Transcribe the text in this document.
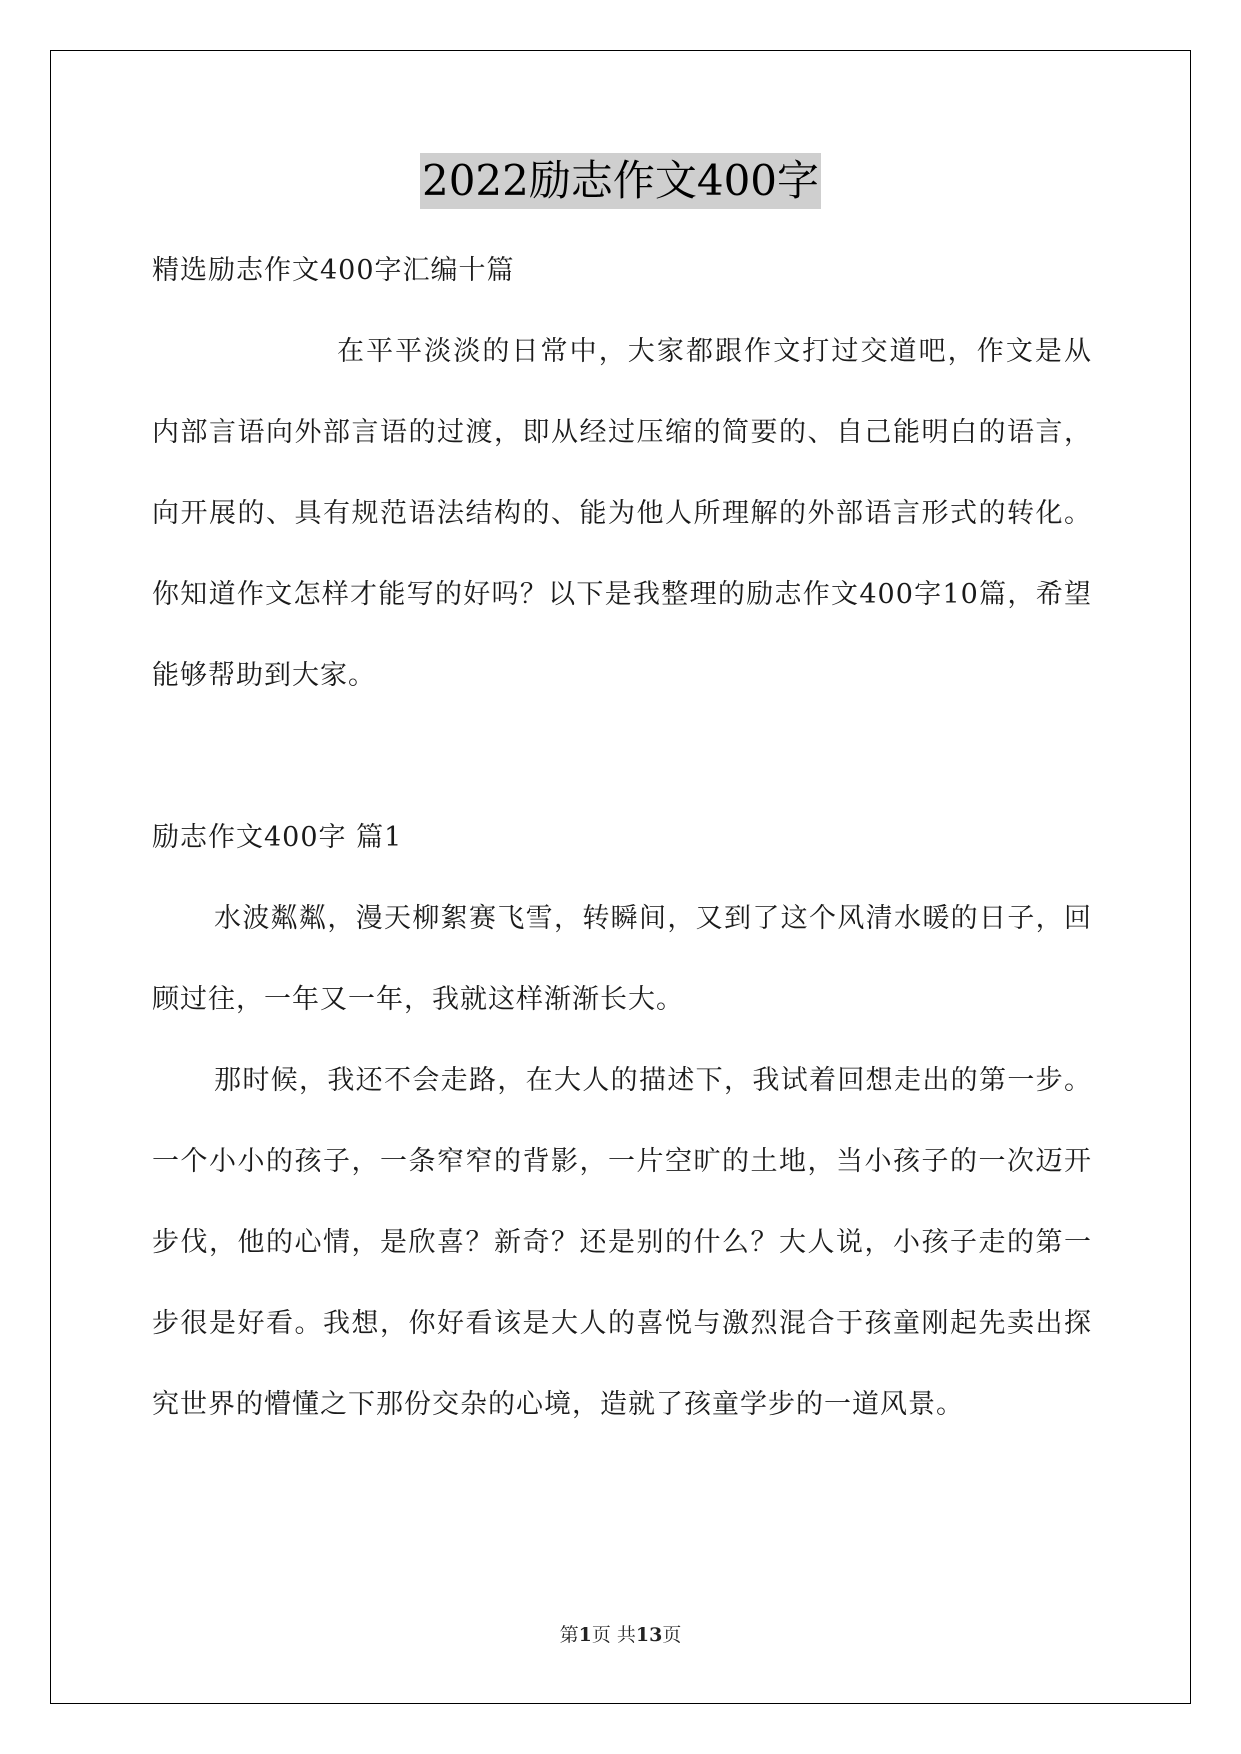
2022励志作文400字

精选励志作文400字汇编十篇

在平平淡淡的日常中，大家都跟作文打过交道吧，作文是从内部言语向外部言语的过渡，即从经过压缩的简要的、自己能明白的语言，向开展的、具有规范语法结构的、能为他人所理解的外部语言形式的转化。你知道作文怎样才能写的好吗？以下是我整理的励志作文400字10篇，希望能够帮助到大家。

励志作文400字 篇1

水波粼粼，漫天柳絮赛飞雪，转瞬间，又到了这个风清水暖的日子，回顾过往，一年又一年，我就这样渐渐长大。

那时候，我还不会走路，在大人的描述下，我试着回想走出的第一步。一个小小的孩子，一条窄窄的背影，一片空旷的土地，当小孩子的一次迈开步伐，他的心情，是欣喜？新奇？还是别的什么？大人说，小孩子走的第一步很是好看。我想，你好看该是大人的喜悦与激烈混合于孩童刚起先卖出探究世界的懵懂之下那份交杂的心境，造就了孩童学步的一道风景。

第1页 共13页
